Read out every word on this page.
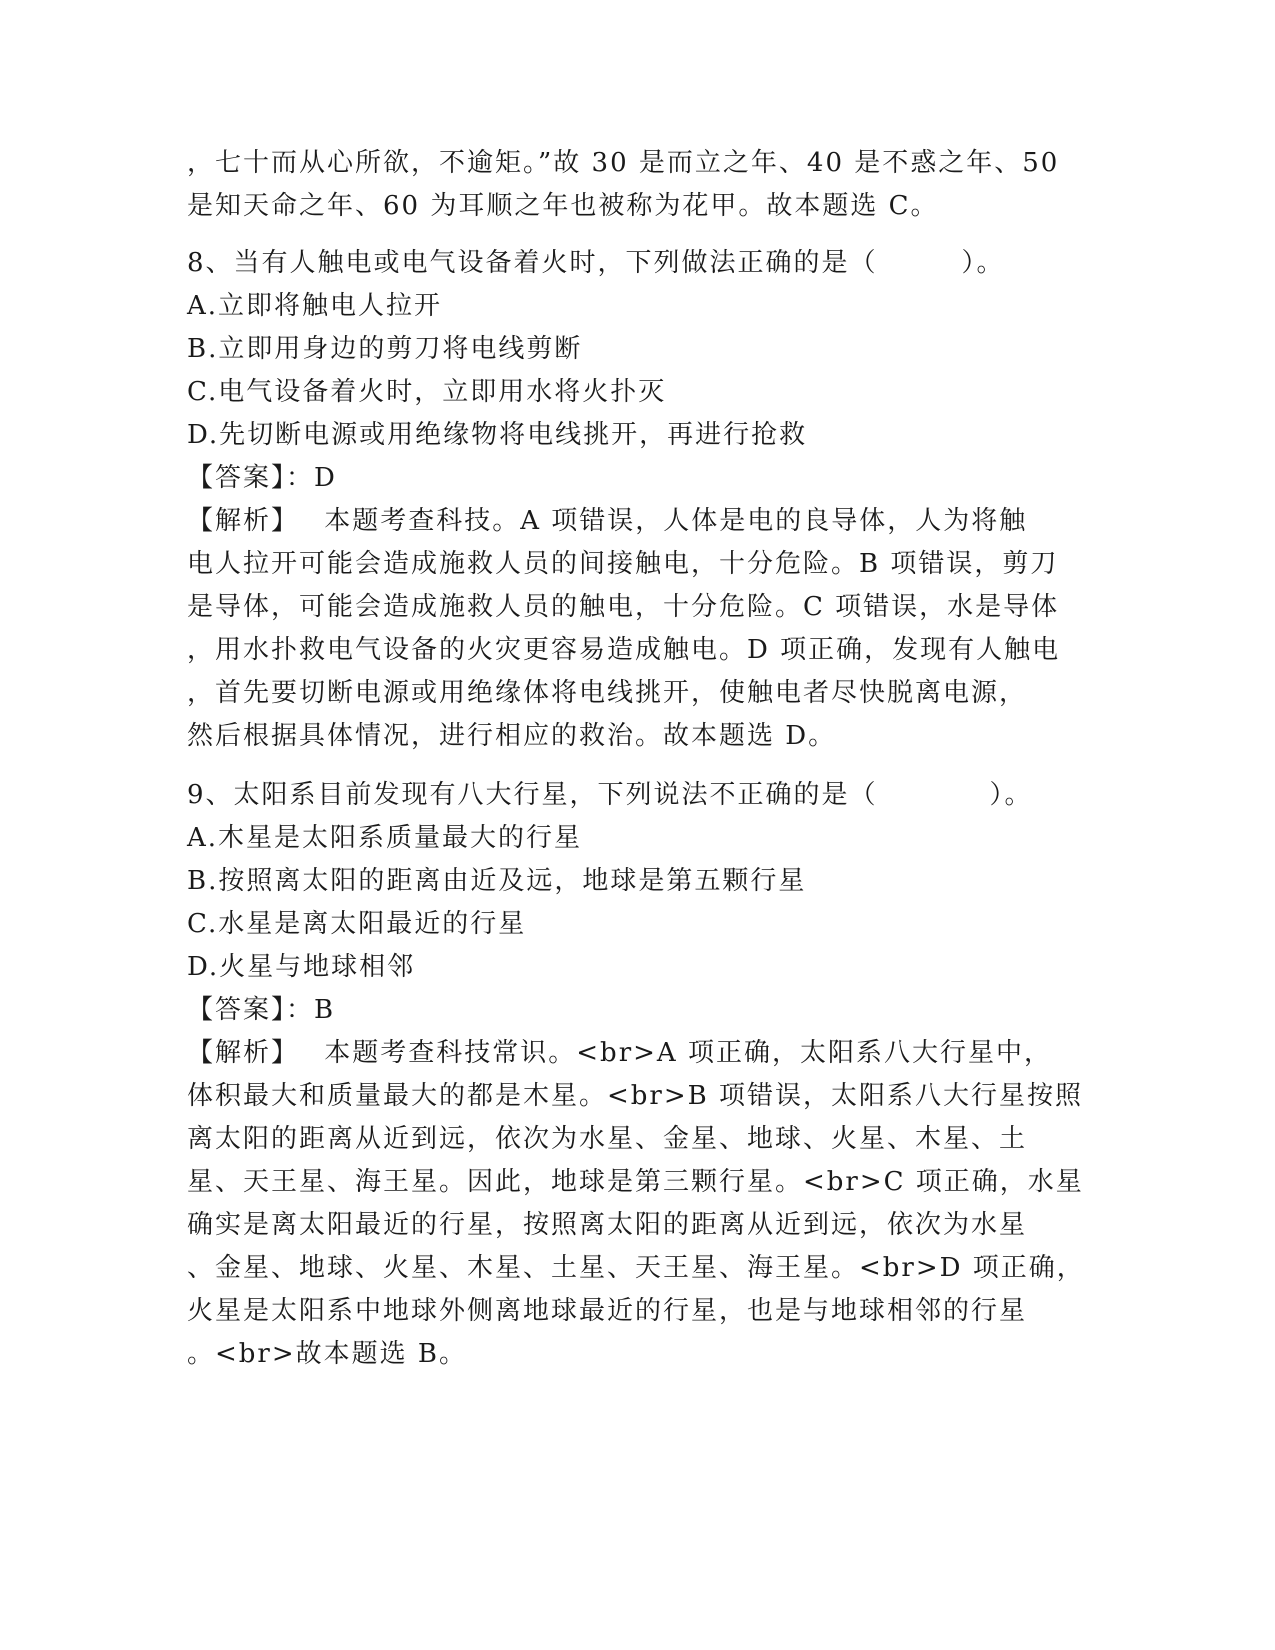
，七十而从心所欲，不逾矩。”故 30 是而立之年、40 是不惑之年、50
是知天命之年、60 为耳顺之年也被称为花甲。故本题选 C。
8、当有人触电或电气设备着火时，下列做法正确的是（　　　）。
A.立即将触电人拉开
B.立即用身边的剪刀将电线剪断
C.电气设备着火时，立即用水将火扑灭
D.先切断电源或用绝缘物将电线挑开，再进行抢救
【答案】：D
【解析】　 本题考查科技。A 项错误，人体是电的良导体，人为将触
电人拉开可能会造成施救人员的间接触电，十分危险。B 项错误，剪刀
是导体，可能会造成施救人员的触电，十分危险。C 项错误，水是导体
，用水扑救电气设备的火灾更容易造成触电。D 项正确，发现有人触电
，首先要切断电源或用绝缘体将电线挑开，使触电者尽快脱离电源，
然后根据具体情况，进行相应的救治。故本题选 D。
9、太阳系目前发现有八大行星，下列说法不正确的是（　　　　）。
A.木星是太阳系质量最大的行星
B.按照离太阳的距离由近及远，地球是第五颗行星
C.水星是离太阳最近的行星
D.火星与地球相邻
【答案】：B
【解析】　 本题考查科技常识。<br>A 项正确，太阳系八大行星中，
体积最大和质量最大的都是木星。<br>B 项错误，太阳系八大行星按照
离太阳的距离从近到远，依次为水星、金星、地球、火星、木星、土
星、天王星、海王星。因此，地球是第三颗行星。<br>C 项正确，水星
确实是离太阳最近的行星，按照离太阳的距离从近到远，依次为水星
、金星、地球、火星、木星、土星、天王星、海王星。<br>D 项正确，
火星是太阳系中地球外侧离地球最近的行星，也是与地球相邻的行星
。<br>故本题选 B。
